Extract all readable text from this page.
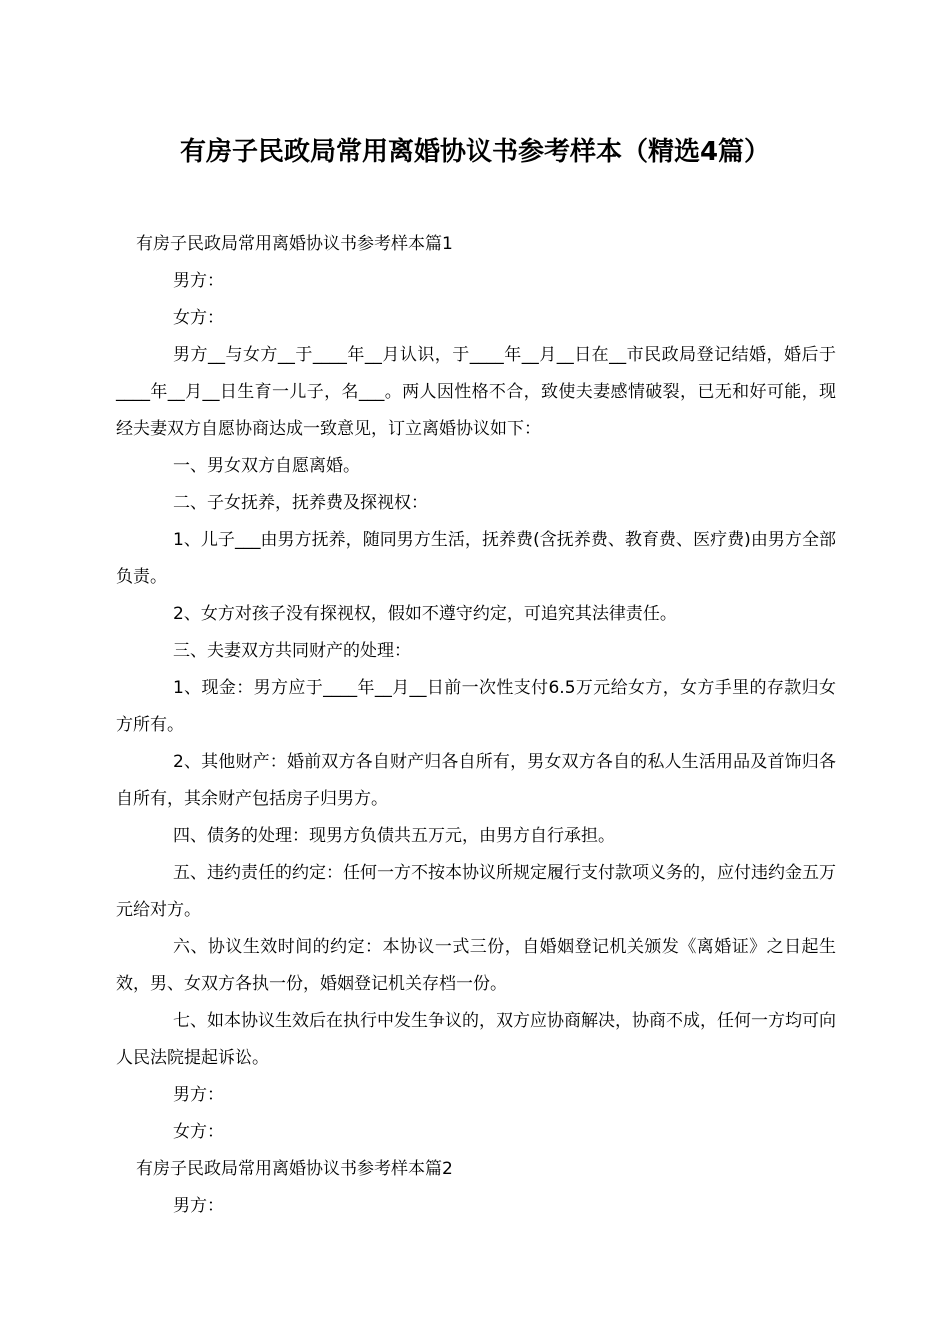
有房子民政局常用离婚协议书参考样本（精选4篇）

有房子民政局常用离婚协议书参考样本篇1

男方：

女方：

男方__与女方__于____年__月认识，于____年__月__日在__市民政局登记结婚，婚后于____年__月__日生育一儿子，名___。两人因性格不合，致使夫妻感情破裂，已无和好可能，现经夫妻双方自愿协商达成一致意见，订立离婚协议如下：

一、男女双方自愿离婚。

二、子女抚养，抚养费及探视权：

1、儿子___由男方抚养，随同男方生活，抚养费(含抚养费、教育费、医疗费)由男方全部负责。

2、女方对孩子没有探视权，假如不遵守约定，可追究其法律责任。

三、夫妻双方共同财产的处理：

1、现金：男方应于____年__月__日前一次性支付6.5万元给女方，女方手里的存款归女方所有。

2、其他财产：婚前双方各自财产归各自所有，男女双方各自的私人生活用品及首饰归各自所有，其余财产包括房子归男方。

四、债务的处理：现男方负债共五万元，由男方自行承担。

五、违约责任的约定：任何一方不按本协议所规定履行支付款项义务的，应付违约金五万元给对方。

六、协议生效时间的约定：本协议一式三份，自婚姻登记机关颁发《离婚证》之日起生效，男、女双方各执一份，婚姻登记机关存档一份。

七、如本协议生效后在执行中发生争议的，双方应协商解决，协商不成，任何一方均可向人民法院提起诉讼。

男方：

女方：

有房子民政局常用离婚协议书参考样本篇2

男方：
